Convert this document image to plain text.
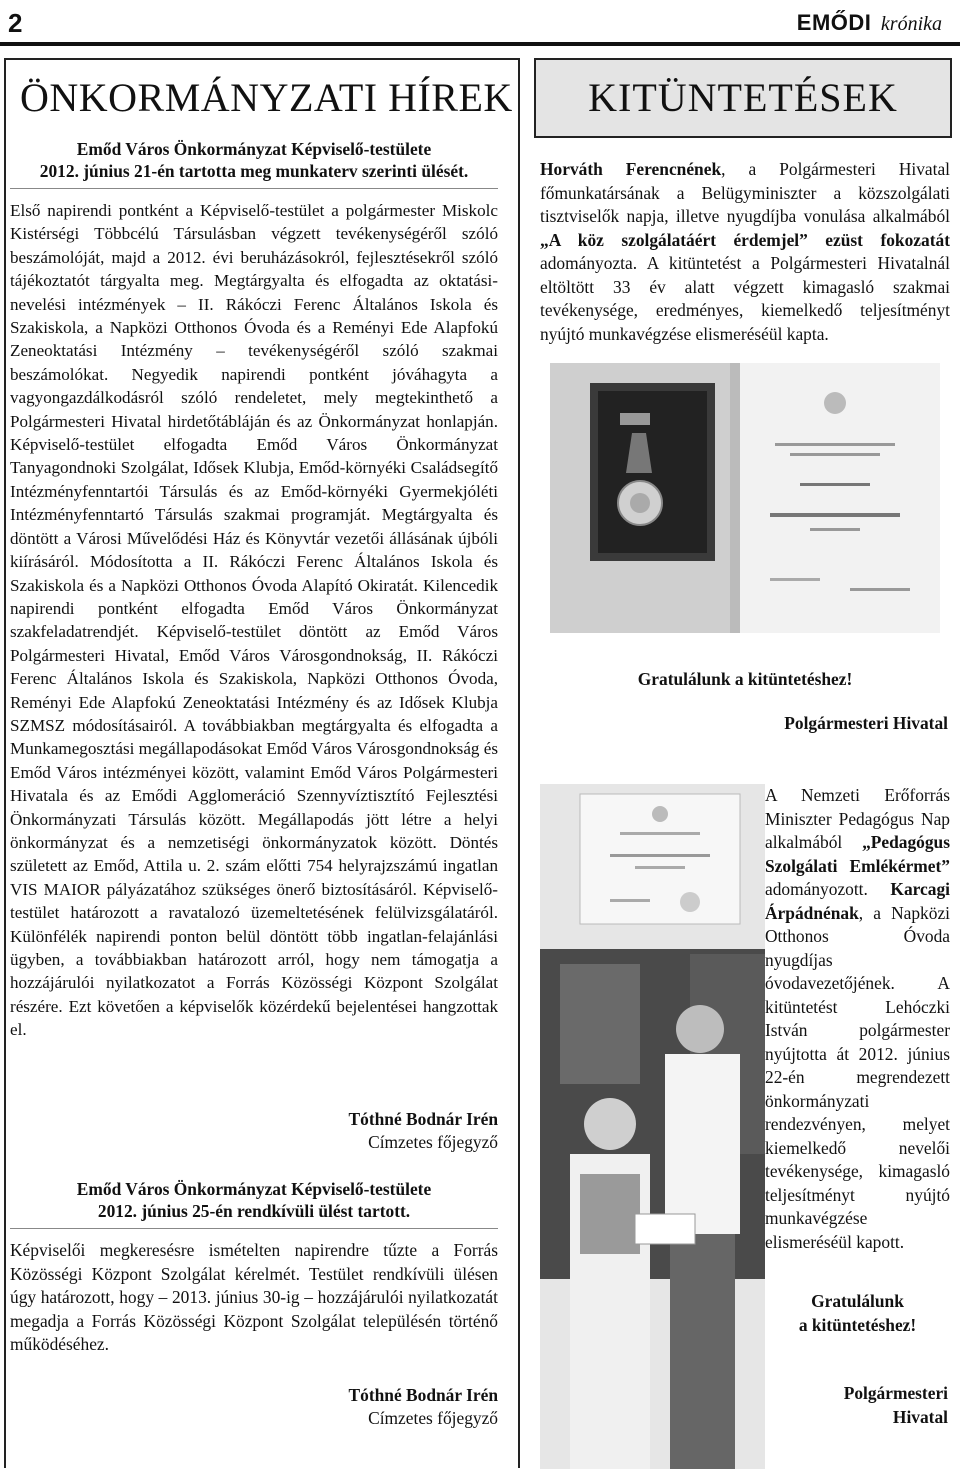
2	EMŐDI krónika
ÖNKORMÁNYZATI HÍREK
Emőd Város Önkormányzat Képviselő-testülete
2012. június 21-én tartotta meg munkaterv szerinti ülését.

Első napirendi pontként a Képviselő-testület a polgármester Miskolc Kistérségi Többcélú Társulásban végzett tevékenységéről szóló beszámolóját, majd a 2012. évi beruházásokról, fejlesztésekről szóló tájékoztatót tárgyalta meg. Megtárgyalta és elfogadta az oktatási-nevelési intézmények – II. Rákóczi Ferenc Általános Iskola és Szakiskola, a Napközi Otthonos Óvoda és a Reményi Ede Alapfokú Zeneoktatási Intézmény – tevékenységéről szóló szakmai beszámolókat. Negyedik napirendi pontként jóváhagyta a vagyongazdálkodásról szóló rendeletet, mely megtekinthető a Polgármesteri Hivatal hirdetőtábláján és az Önkormányzat honlapján. Képviselő-testület elfogadta Emőd Város Önkormányzat Tanyagondnoki Szolgálat, Idősek Klubja, Emőd-környéki Családsegítő Intézményfenntartói Társulás és az Emőd-környéki Gyermekjóléti Intézményfenntartó Társulás szakmai programját. Megtárgyalta és döntött a Városi Művelődési Ház és Könyvtár vezetői állásának újbóli kiírásáról. Módosította a II. Rákóczi Ferenc Általános Iskola és Szakiskola és a Napközi Otthonos Óvoda Alapító Okiratát. Kilencedik napirendi pontként elfogadta Emőd Város Önkormányzat szakfeladatrendjét. Képviselő-testület döntött az Emőd Város Polgármesteri Hivatal, Emőd Város Városgondnokság, II. Rákóczi Ferenc Általános Iskola és Szakiskola, Napközi Otthonos Óvoda, Reményi Ede Alapfokú Zeneoktatási Intézmény és az Idősek Klubja SZMSZ módosításairól. A továbbiakban megtárgyalta és elfogadta a Munkamegosztási megállapodásokat Emőd Város Városgondnokság és Emőd Város intézményei között, valamint Emőd Város Polgármesteri Hivatala és az Emődi Agglomeráció Szennyvíztisztító Fejlesztési Önkormányzati Társulás között. Megállapodás jött létre a helyi önkormányzat és a nemzetiségi önkormányzatok között. Döntés született az Emőd, Attila u. 2. szám előtti 754 helyrajzszámú ingatlan VIS MAIOR pályázatához szükséges önerő biztosításáról. Képviselő-testület határozott a ravatalozó üzemeltetésének felülvizsgálatáról. Különfélék napirendi ponton belül döntött több ingatlan-felajánlási ügyben, a továbbiakban határozott arról, hogy nem támogatja a hozzájárulói nyilatkozatot a Forrás Közösségi Központ Szolgálat részére. Ezt követően a képviselők közérdekű bejelentései hangzottak el.

Tóthné Bodnár Irén
Címzetes főjegyző
Emőd Város Önkormányzat Képviselő-testülete
2012. június 25-én rendkívüli ülést tartott.

Képviselői megkeresésre ismételten napirendre tűzte a Forrás Közösségi Központ Szolgálat kérelmét. Testület rendkívüli ülésen úgy határozott, hogy – 2013. június 30-ig – hozzájárulói nyilatkozatát megadja a Forrás Közösségi Központ Szolgálat településén történő működéséhez.

Tóthné Bodnár Irén
Címzetes főjegyző
KITÜNTETÉSEK

Horváth Ferencnének, a Polgármesteri Hivatal főmunkatársának a Belügyminiszter a közszolgálati tisztviselők napja, illetve nyugdíjba vonulása alkalmából „A köz szolgálatáért érdemjel” ezüst fokozatát adományozta. A kitüntetést a Polgármesteri Hivatalnál eltöltött 33 év alatt végzett kimagasló szakmai tevékenysége, eredményes, kiemelkedő teljesítményt nyújtó munkavégzése elismeréséül kapta.

Gratulálunk a kitüntetéshez!
Polgármesteri Hivatal

A Nemzeti Erőforrás Miniszter Pedagógus Nap alkalmából „Pedagógus Szolgálati Emlékérmet” adományozott. Karcagi Árpádnénak, a Napközi Otthonos Óvoda nyugdíjas óvodavezetőjének. A kitüntetést Lehóczki István polgármester nyújtotta át 2012. június 22-én megrendezett önkormányzati rendezvényen, melyet kiemelkedő nevelői tevékenysége, kimagasló teljesítményt nyújtó munkavégzése elismeréséül kapott.

Gratulálunk
a kitüntetéshez!
Polgármesteri
Hivatal
